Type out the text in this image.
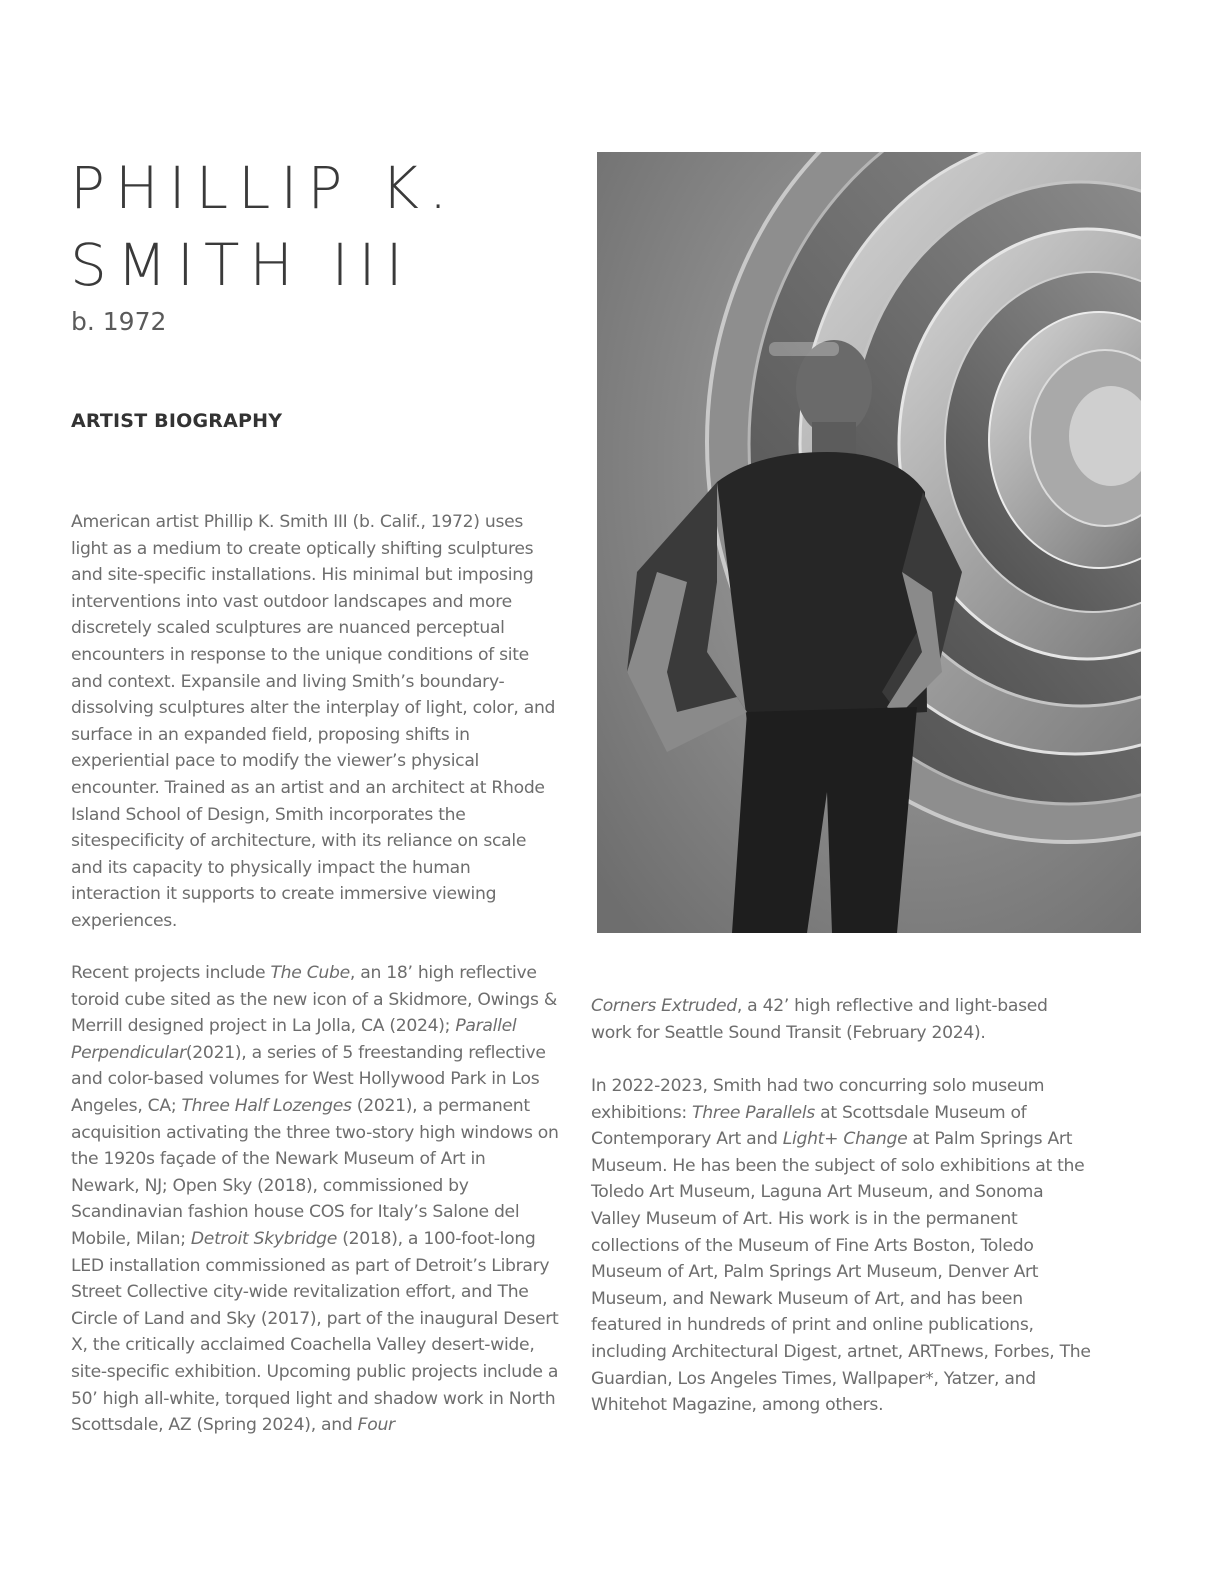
PHILLIP K.
SMITH III

b. 1972

ARTIST BIOGRAPHY

American artist Phillip K. Smith III (b. Calif., 1972) uses light as a medium to create optically shifting sculptures and site-specific installations. His minimal but imposing interventions into vast outdoor landscapes and more discretely scaled sculptures are nuanced perceptual encounters in response to the unique conditions of site and context. Expansile and living Smith’s boundary-dissolving sculptures alter the interplay of light, color, and surface in an expanded field, proposing shifts in experiential pace to modify the viewer’s physical encounter. Trained as an artist and an architect at Rhode Island School of Design, Smith incorporates the sitespecificity of architecture, with its reliance on scale and its capacity to physically impact the human interaction it supports to create immersive viewing experiences.

Recent projects include The Cube, an 18’ high reflective toroid cube sited as the new icon of a Skidmore, Owings & Merrill designed project in La Jolla, CA (2024); Parallel Perpendicular(2021), a series of 5 freestanding reflective and color-based volumes for West Hollywood Park in Los Angeles, CA; Three Half Lozenges (2021), a permanent acquisition activating the three two-story high windows on the 1920s façade of the Newark Museum of Art in Newark, NJ; Open Sky (2018), commissioned by Scandinavian fashion house COS for Italy’s Salone del Mobile, Milan; Detroit Skybridge (2018), a 100-foot-long LED installation commissioned as part of Detroit’s Library Street Collective city-wide revitalization effort, and The Circle of Land and Sky (2017), part of the inaugural Desert X, the critically acclaimed Coachella Valley desert-wide, site-specific exhibition. Upcoming public projects include a 50’ high all-white, torqued light and shadow work in North Scottsdale, AZ (Spring 2024), and Four

Corners Extruded, a 42’ high reflective and light-based work for Seattle Sound Transit (February 2024).

In 2022-2023, Smith had two concurring solo museum exhibitions: Three Parallels at Scottsdale Museum of Contemporary Art and Light+ Change at Palm Springs Art Museum. He has been the subject of solo exhibitions at the Toledo Art Museum, Laguna Art Museum, and Sonoma Valley Museum of Art. His work is in the permanent collections of the Museum of Fine Arts Boston, Toledo Museum of Art, Palm Springs Art Museum, Denver Art Museum, and Newark Museum of Art, and has been featured in hundreds of print and online publications, including Architectural Digest, artnet, ARTnews, Forbes, The Guardian, Los Angeles Times, Wallpaper*, Yatzer, and Whitehot Magazine, among others.
